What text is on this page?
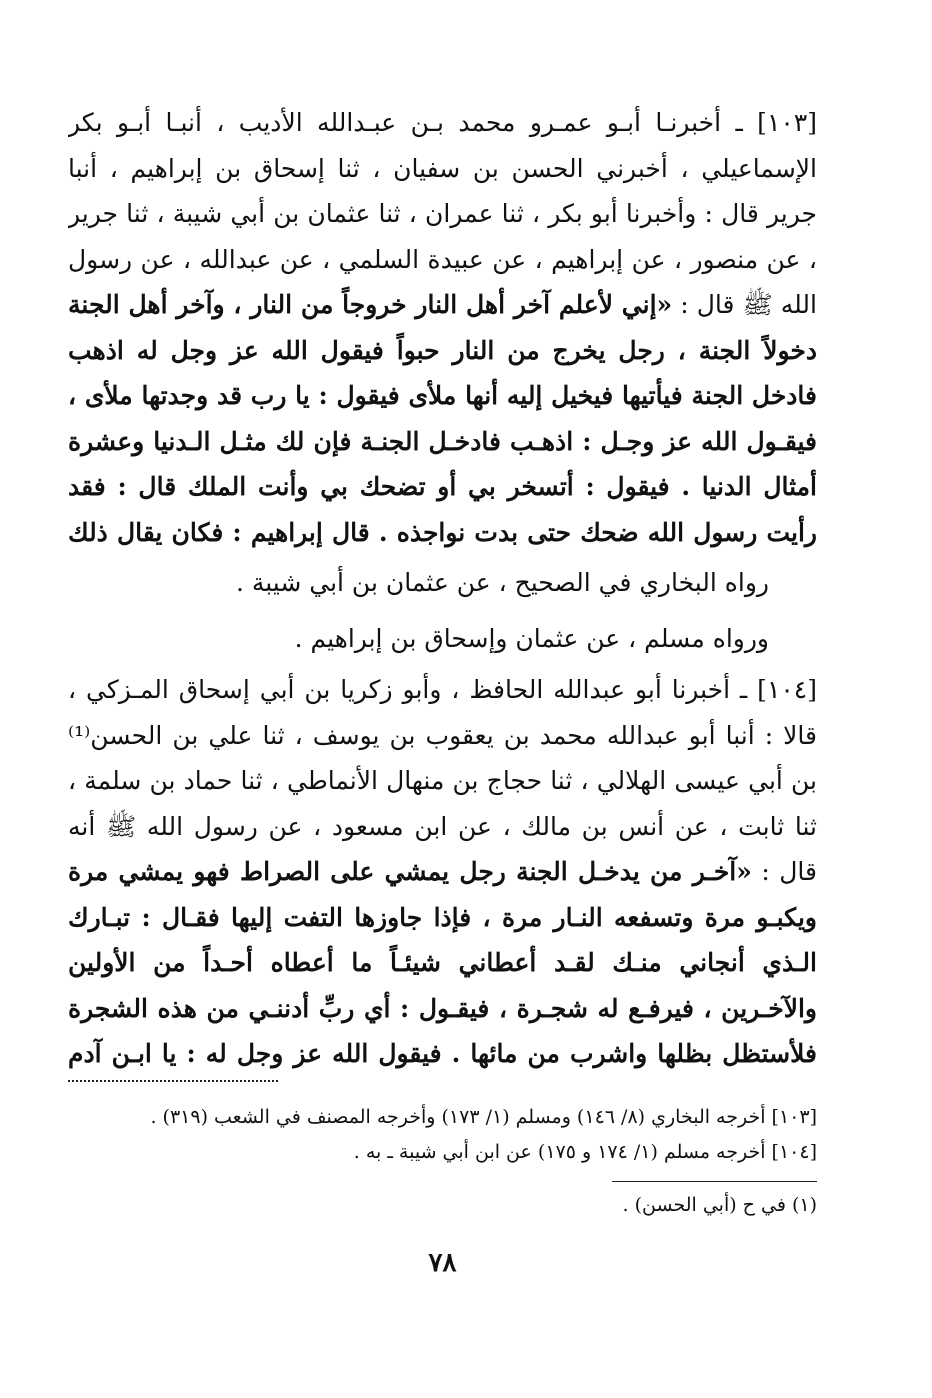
[١٠٣] ـ أخبرنـا أبـو عمـرو محمد بـن عبـدالله الأديب ، أنبـا أبـو بكر الإسماعيلي ، أخبرني الحسن بن سفيان ، ثنا إسحاق بن إبراهيم ، أنبا جرير قال : وأخبرنا أبو بكر ، ثنا عمران ، ثنا عثمان بن أبي شيبة ، ثنا جرير ، عن منصور ، عن إبراهيم ، عن عبيدة السلمي ، عن عبدالله ، عن رسول الله ﷺ قال : «إني لأعلم آخر أهل النار خروجاً من النار ، وآخر أهل الجنة دخولاً الجنة ، رجل يخرج من النار حبواً فيقول الله عز وجل له اذهب فادخل الجنة فيأتيها فيخيل إليه أنها ملأى فيقول : يا رب قد وجدتها ملأى ، فيقـول الله عز وجـل : اذهـب فادخـل الجنـة فإن لك مثـل الـدنيا وعشرة أمثال الدنيا . فيقول : أتسخر بي أو تضحك بي وأنت الملك قال : فقد رأيت رسول الله ضحك حتى بدت نواجذه . قال إبراهيم : فكان يقال ذلك

رواه البخاري في الصحيح ، عن عثمان بن أبي شيبة .

ورواه مسلم ، عن عثمان وإسحاق بن إبراهيم .

[١٠٤] ـ أخبرنا أبو عبدالله الحافظ ، وأبو زكريا بن أبي إسحاق المـزكي ، قالا : أنبا أبو عبدالله محمد بن يعقوب بن يوسف ، ثنا علي بن الحسن⁽¹⁾ بن أبي عيسى الهلالي ، ثنا حجاج بن منهال الأنماطي ، ثنا حماد بن سلمة ، ثنا ثابت ، عن أنس بن مالك ، عن ابن مسعود ، عن رسول الله ﷺ أنه قال : «آخـر من يدخـل الجنة رجل يمشي على الصراط فهو يمشي مرة ويكبـو مرة وتسفعه النـار مرة ، فإذا جاوزها التفت إليها فقـال : تبـارك الـذي أنجاني منـك لقـد أعطاني شيئـاً ما أعطاه أحـداً من الأولين والآخـرين ، فيرفـع له شجـرة ، فيقـول : أي ربِّ أدننـي من هذه الشجرة فلأستظل بظلها واشرب من مائها . فيقول الله عز وجل له : يا ابـن آدم

[١٠٣] أخرجه البخاري (٨/ ١٤٦) ومسلم (١/ ١٧٣) وأخرجه المصنف في الشعب (٣١٩) .

[١٠٤] أخرجه مسلم (١/ ١٧٤ و ١٧٥) عن ابن أبي شيبة ـ به .

(١) في ح (أبي الحسن) .

٧٨
